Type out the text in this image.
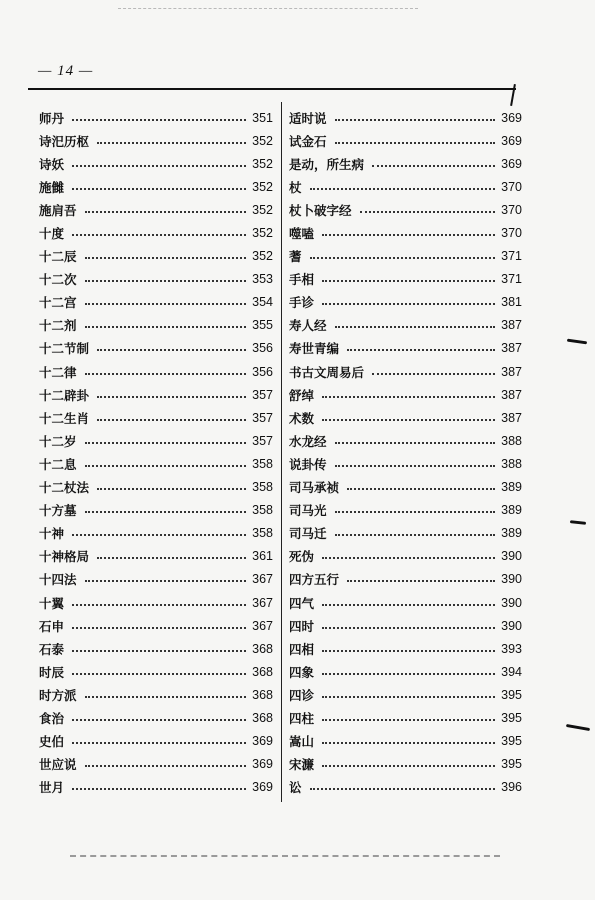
— 14 —
师丹	351
诗汜历枢	352
诗妖	352
施雠	352
施肩吾	352
十度	352
十二辰	352
十二次	353
十二宫	354
十二剂	355
十二节制	356
十二律	356
十二辟卦	357
十二生肖	357
十二岁	357
十二息	358
十二杖法	358
十方墓	358
十神	358
十神格局	361
十四法	367
十翼	367
石申	367
石泰	368
时辰	368
时方派	368
食治	368
史伯	369
世应说	369
世月	369
适时说	369
试金石	369
是动，所生病	369
杖	370
杖卜破字经	370
噬嗑	370
蓍	371
手相	371
手诊	381
寿人经	387
寿世青编	387
书古文周易后	387
舒绰	387
术数	387
水龙经	388
说卦传	388
司马承祯	389
司马光	389
司马迁	389
死伪	390
四方五行	390
四气	390
四时	390
四相	393
四象	394
四诊	395
四柱	395
嵩山	395
宋濂	395
讼	396
